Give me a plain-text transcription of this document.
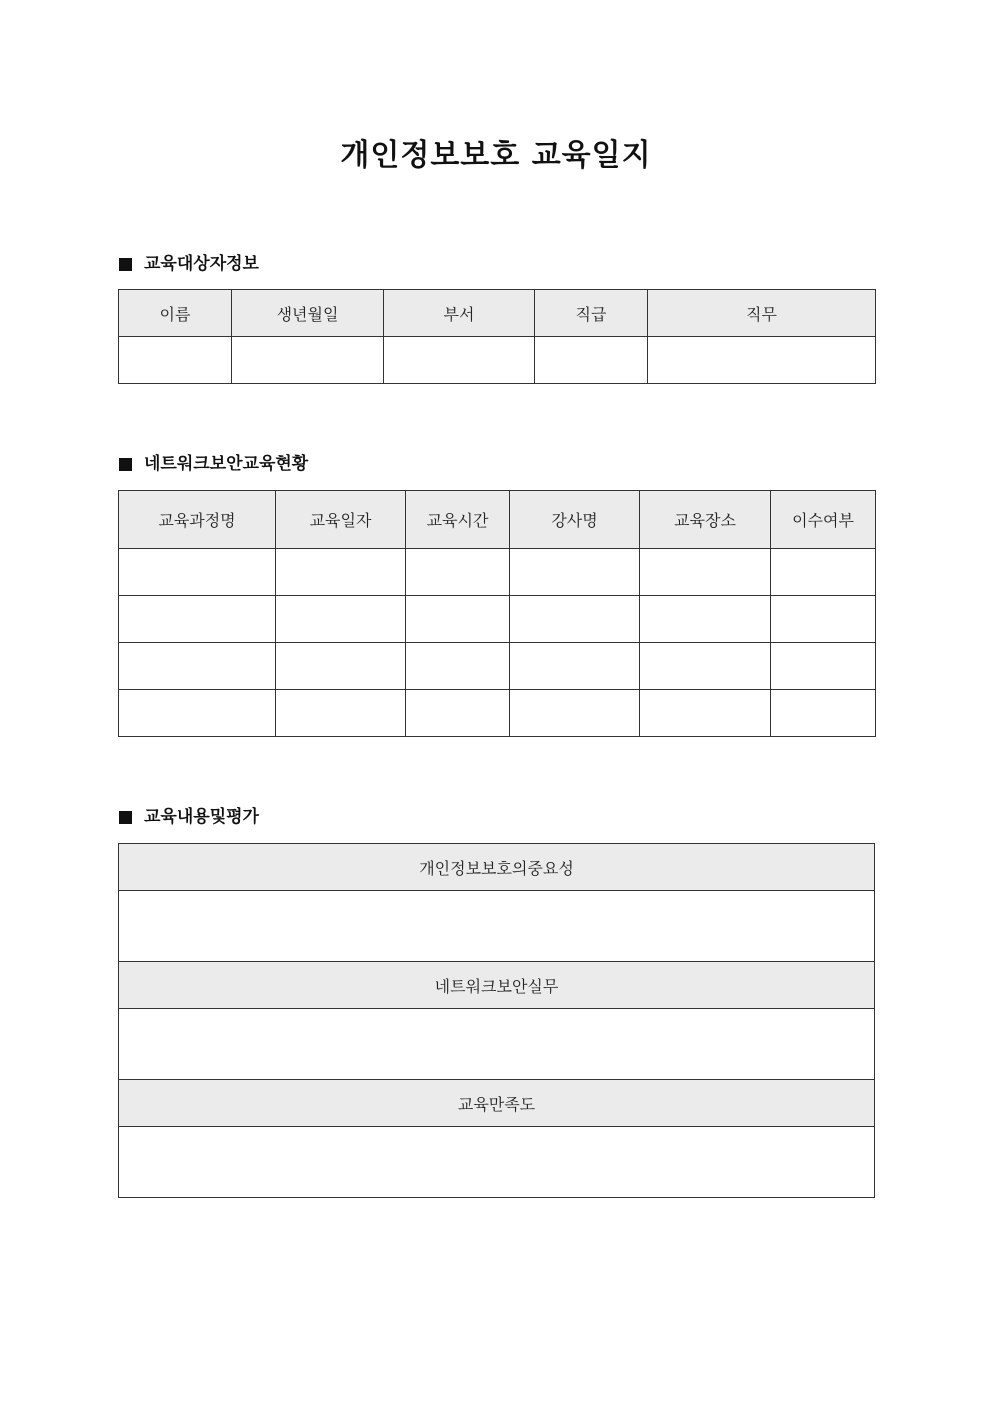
개인정보보호 교육일지
교육대상자정보
이름	생년월일	부서	직급	직무

네트워크보안교육현황
교육과정명	교육일자	교육시간	강사명	교육장소	이수여부

교육내용및평가
개인정보보호의중요성

네트워크보안실무

교육만족도
